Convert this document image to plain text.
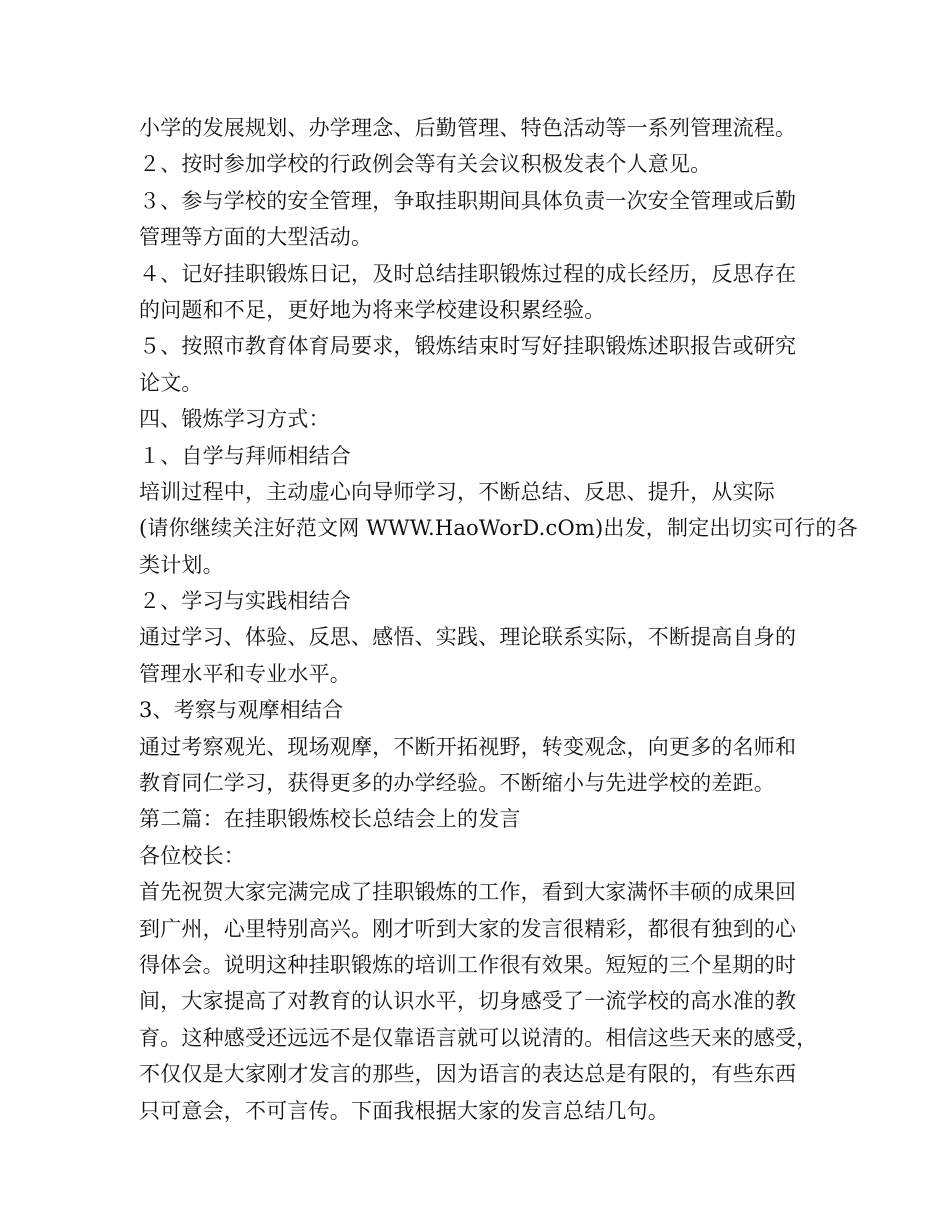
小学的发展规划、办学理念、后勤管理、特色活动等一系列管理流程。
２、按时参加学校的行政例会等有关会议积极发表个人意见。
３、参与学校的安全管理，争取挂职期间具体负责一次安全管理或后勤
管理等方面的大型活动。
４、记好挂职锻炼日记，及时总结挂职锻炼过程的成长经历，反思存在
的问题和不足，更好地为将来学校建设积累经验。
５、按照市教育体育局要求，锻炼结束时写好挂职锻炼述职报告或研究
论文。
四、锻炼学习方式：
１、自学与拜师相结合
培训过程中，主动虚心向导师学习，不断总结、反思、提升，从实际
(请你继续关注好范文网 WWW.HaoWorD.cOm)出发，制定出切实可行的各
类计划。
２、学习与实践相结合
通过学习、体验、反思、感悟、实践、理论联系实际，不断提高自身的
管理水平和专业水平。
3、考察与观摩相结合
通过考察观光、现场观摩，不断开拓视野，转变观念，向更多的名师和
教育同仁学习，获得更多的办学经验。不断缩小与先进学校的差距。
第二篇：在挂职锻炼校长总结会上的发言
各位校长：
首先祝贺大家完满完成了挂职锻炼的工作，看到大家满怀丰硕的成果回
到广州，心里特别高兴。刚才听到大家的发言很精彩，都很有独到的心
得体会。说明这种挂职锻炼的培训工作很有效果。短短的三个星期的时
间，大家提高了对教育的认识水平，切身感受了一流学校的高水准的教
育。这种感受还远远不是仅靠语言就可以说清的。相信这些天来的感受，
不仅仅是大家刚才发言的那些，因为语言的表达总是有限的，有些东西
只可意会，不可言传。下面我根据大家的发言总结几句。
